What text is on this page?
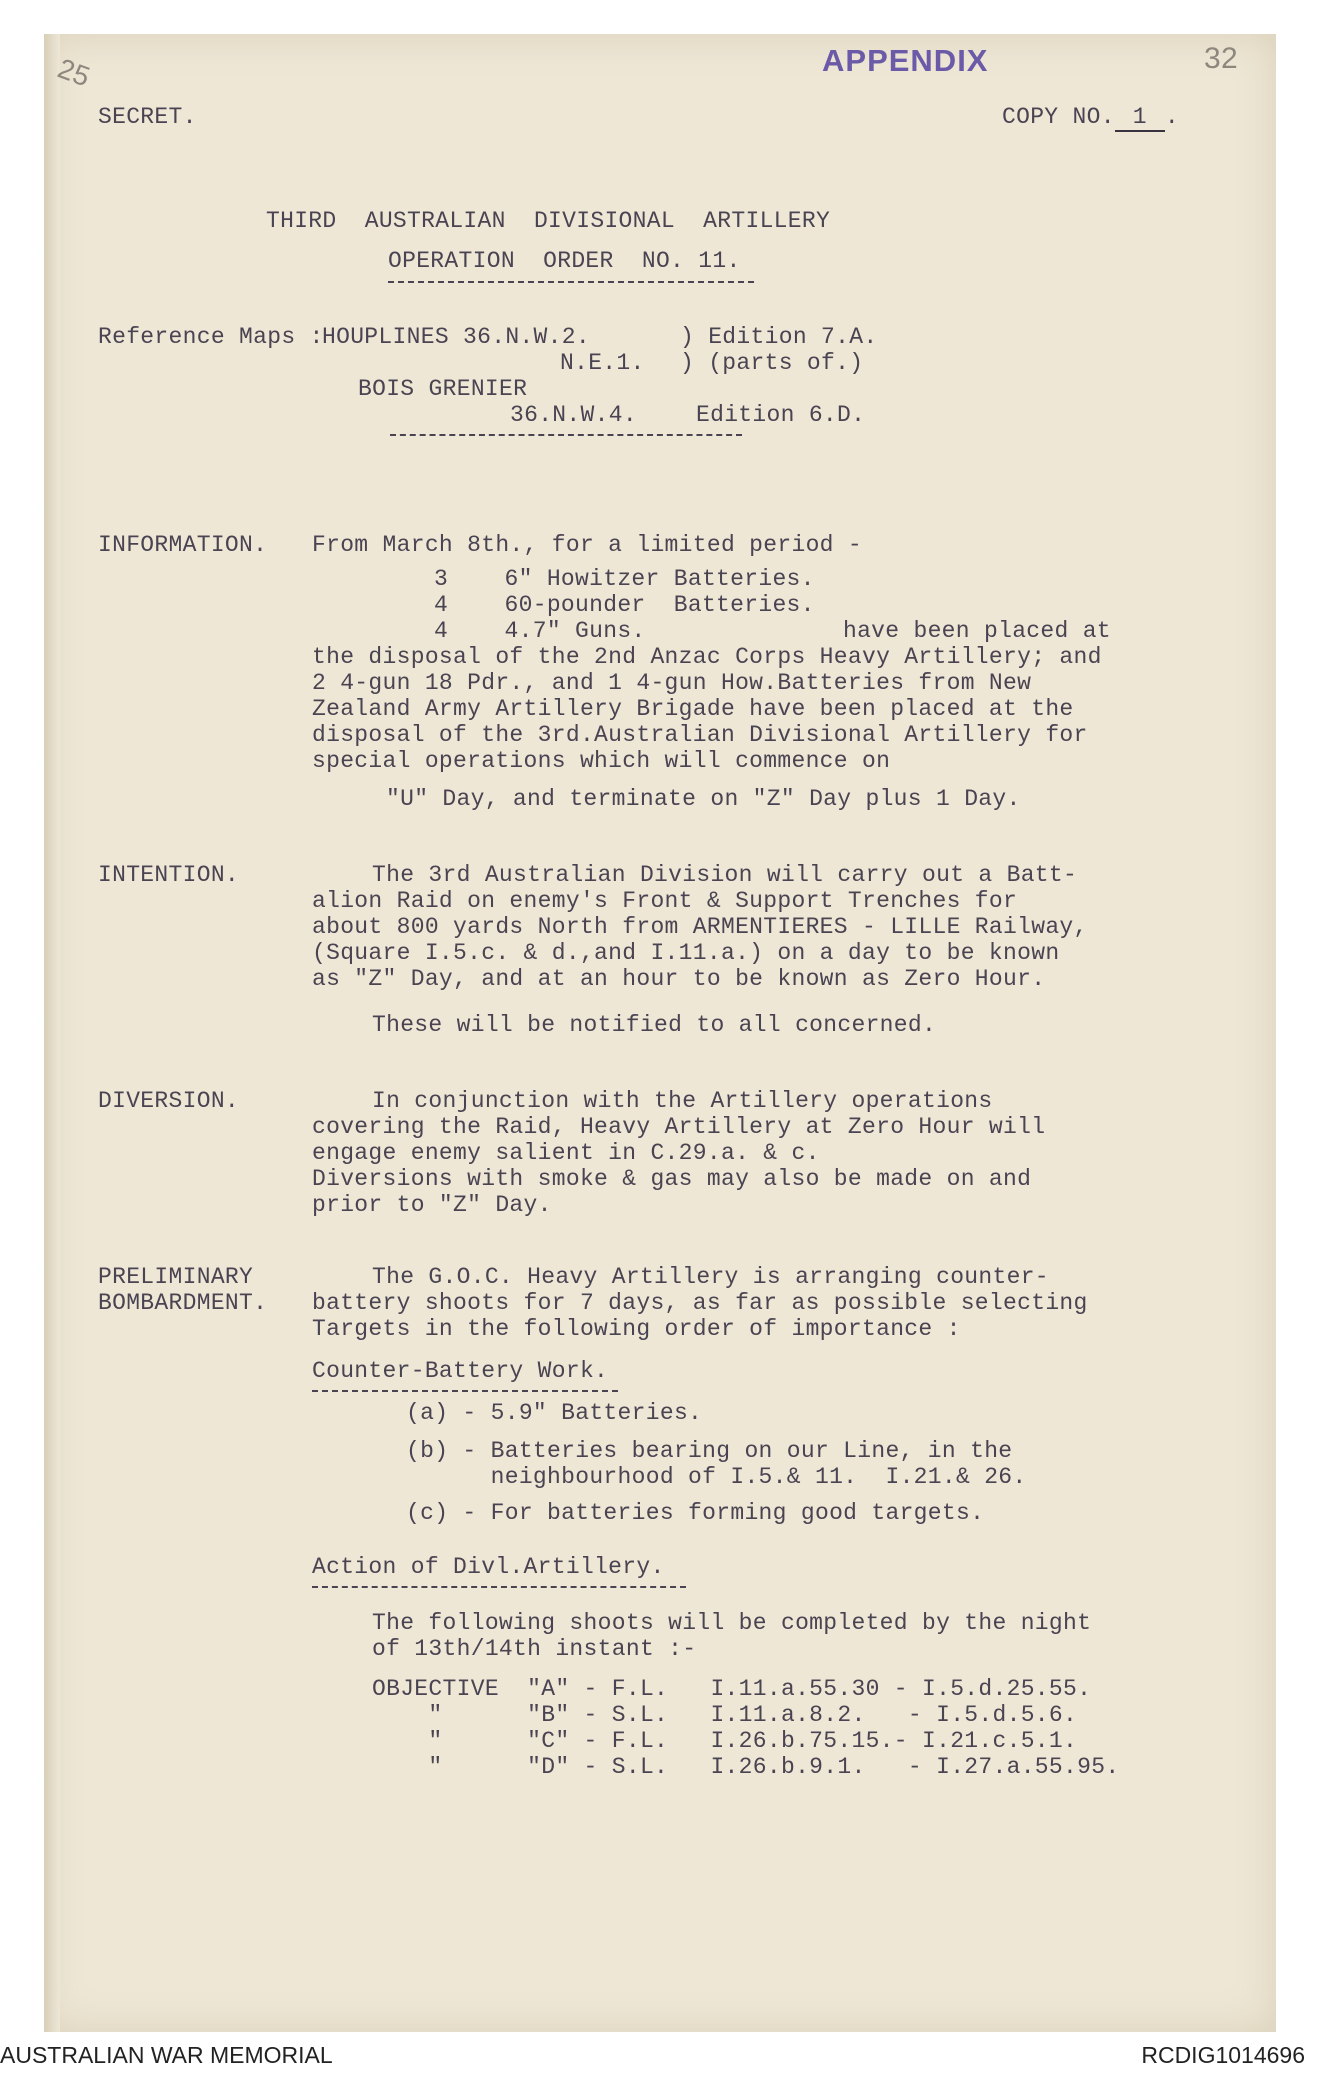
25	APPENDIX	32
SECRET.	COPY NO. 1 .
THIRD  AUSTRALIAN  DIVISIONAL  ARTILLERY
OPERATION  ORDER  NO. 11.
Reference Maps :
HOUPLINES 36.N.W.2.	) Edition 7.A.
N.E.1. ) (parts of.)
BOIS GRENIER
36.N.W.4.	Edition 6.D.
INFORMATION. From March 8th., for a limited period -
3    6" Howitzer Batteries.
4    60-pounder  Batteries.
4    4.7" Guns.              have been placed at
the disposal of the 2nd Anzac Corps Heavy Artillery; and
2 4-gun 18 Pdr., and 1 4-gun How.Batteries from New
Zealand Army Artillery Brigade have been placed at the
disposal of the 3rd.Australian Divisional Artillery for
special operations which will commence on
"U" Day, and terminate on "Z" Day plus 1 Day.
INTENTION.	The 3rd Australian Division will carry out a Batt-
alion Raid on enemy's Front & Support Trenches for
about 800 yards North from ARMENTIERES - LILLE Railway,
(Square I.5.c. & d.,and I.11.a.) on a day to be known
as "Z" Day, and at an hour to be known as Zero Hour.
These will be notified to all concerned.
DIVERSION.	In conjunction with the Artillery operations
covering the Raid, Heavy Artillery at Zero Hour will
engage enemy salient in C.29.a. & c.
Diversions with smoke & gas may also be made on and
prior to "Z" Day.
PRELIMINARY
BOMBARDMENT.
The G.O.C. Heavy Artillery is arranging counter-
battery shoots for 7 days, as far as possible selecting
Targets in the following order of importance :
Counter-Battery Work.
(a) - 5.9" Batteries.
(b) - Batteries bearing on our Line, in the
neighbourhood of I.5.& 11.  I.21.& 26.
(c) - For batteries forming good targets.
Action of Divl.Artillery.
The following shoots will be completed by the night
of 13th/14th instant :-
OBJECTIVE  "A" - F.L.   I.11.a.55.30 - I.5.d.25.55.
"      "B" - S.L.   I.11.a.8.2.   - I.5.d.5.6.
"      "C" - F.L.   I.26.b.75.15.- I.21.c.5.1.
"      "D" - S.L.   I.26.b.9.1.   - I.27.a.55.95.
AUSTRALIAN WAR MEMORIAL	RCDIG1014696
